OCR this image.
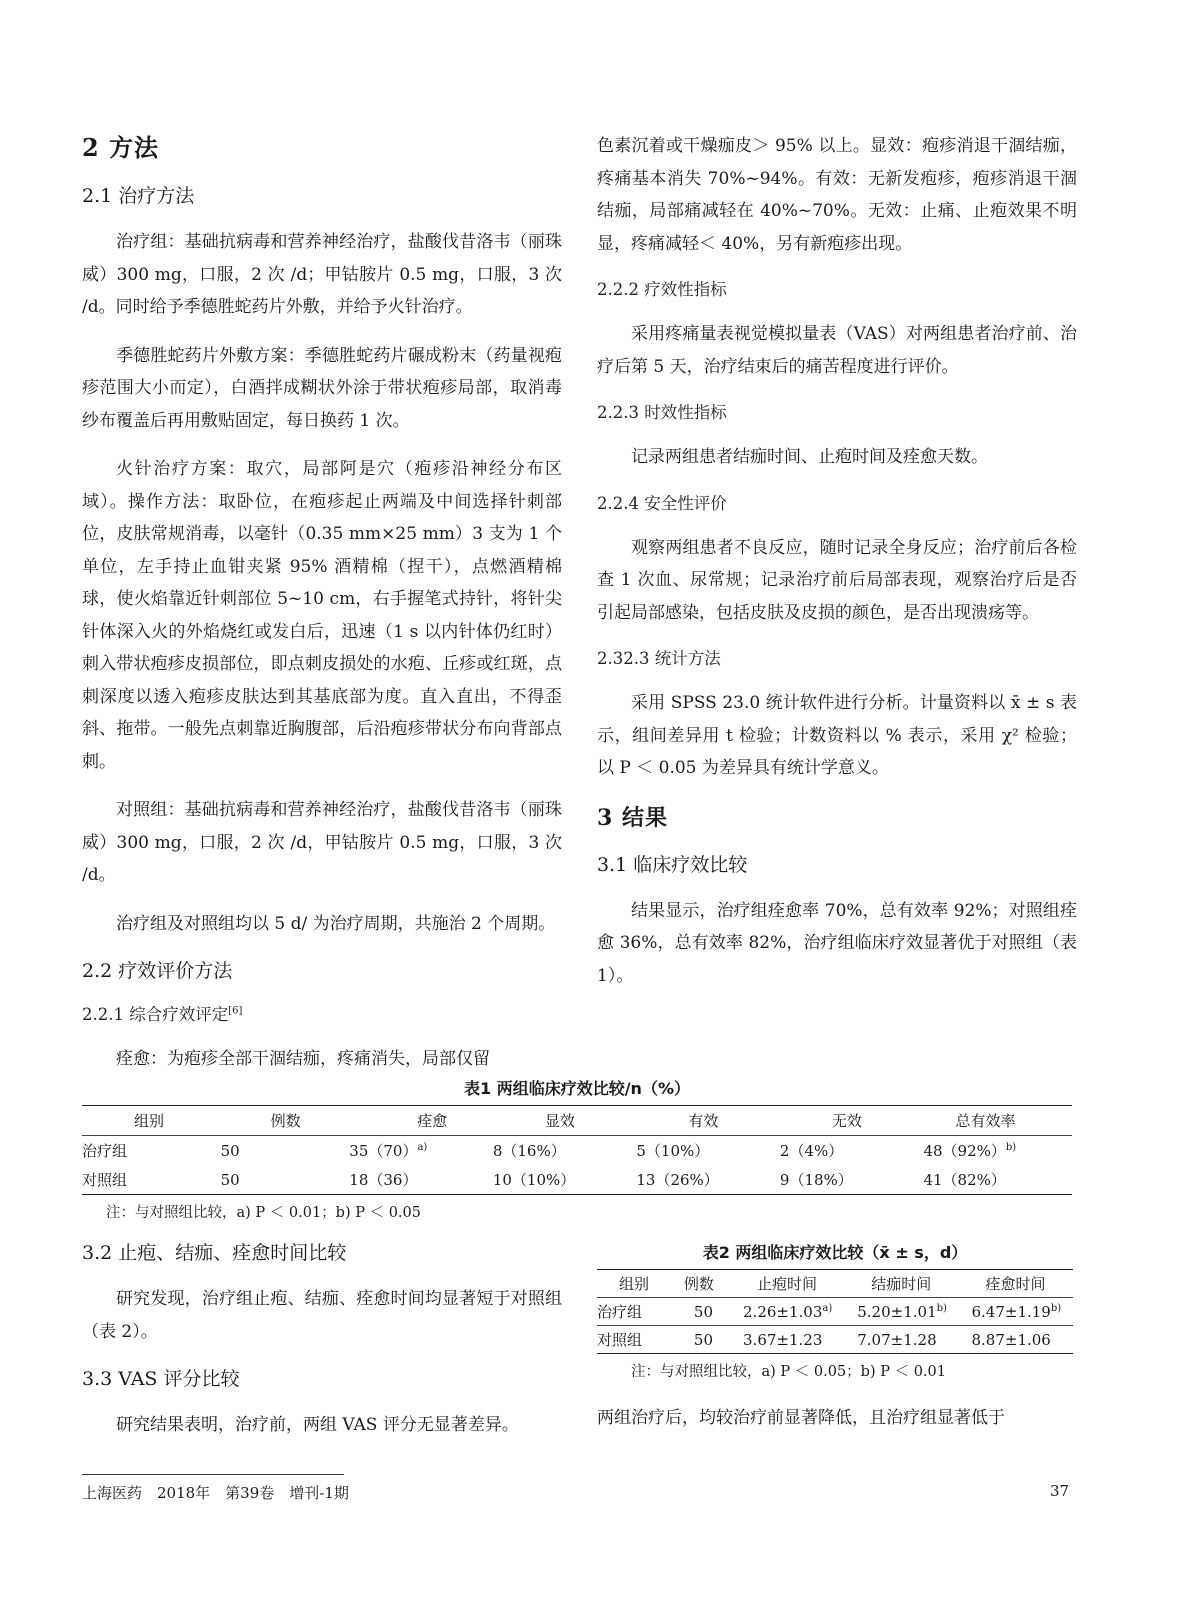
2 方法
2.1 治疗方法
治疗组：基础抗病毒和营养神经治疗，盐酸伐昔洛韦（丽珠威）300 mg，口服，2 次 /d；甲钴胺片 0.5 mg，口服，3 次 /d。同时给予季德胜蛇药片外敷，并给予火针治疗。
季德胜蛇药片外敷方案：季德胜蛇药片碾成粉末（药量视疱疹范围大小而定），白酒拌成糊状外涂于带状疱疹局部，取消毒纱布覆盖后再用敷贴固定，每日换药 1 次。
火针治疗方案：取穴，局部阿是穴（疱疹沿神经分布区域）。操作方法：取卧位，在疱疹起止两端及中间选择针刺部位，皮肤常规消毒，以毫针（0.35 mm×25 mm）3 支为 1 个单位，左手持止血钳夹紧 95% 酒精棉（捏干），点燃酒精棉球，使火焰靠近针刺部位 5~10 cm，右手握笔式持针，将针尖针体深入火的外焰烧红或发白后，迅速（1 s 以内针体仍红时）刺入带状疱疹皮损部位，即点刺皮损处的水疱、丘疹或红斑，点刺深度以透入疱疹皮肤达到其基底部为度。直入直出，不得歪斜、拖带。一般先点刺靠近胸腹部，后沿疱疹带状分布向背部点刺。
对照组：基础抗病毒和营养神经治疗，盐酸伐昔洛韦（丽珠威）300 mg，口服，2 次 /d，甲钴胺片 0.5 mg，口服，3 次 /d。
治疗组及对照组均以 5 d/ 为治疗周期，共施治 2 个周期。
2.2 疗效评价方法
2.2.1 综合疗效评定[6]
痊愈：为疱疹全部干涸结痂，疼痛消失，局部仅留
色素沉着或干燥痂皮＞ 95% 以上。显效：疱疹消退干涸结痂，疼痛基本消失 70%~94%。有效：无新发疱疹，疱疹消退干涸结痂，局部痛减轻在 40%~70%。无效：止痛、止疱效果不明显，疼痛减轻＜ 40%，另有新疱疹出现。
2.2.2 疗效性指标
采用疼痛量表视觉模拟量表（VAS）对两组患者治疗前、治疗后第 5 天，治疗结束后的痛苦程度进行评价。
2.2.3 时效性指标
记录两组患者结痂时间、止疱时间及痊愈天数。
2.2.4 安全性评价
观察两组患者不良反应，随时记录全身反应；治疗前后各检查 1 次血、尿常规；记录治疗前后局部表现，观察治疗后是否引起局部感染，包括皮肤及皮损的颜色，是否出现溃疡等。
2.32.3 统计方法
采用 SPSS 23.0 统计软件进行分析。计量资料以 x̄ ± s 表示，组间差异用 t 检验；计数资料以 % 表示，采用 χ² 检验；以 P ＜ 0.05 为差异具有统计学意义。
3 结果
3.1 临床疗效比较
结果显示，治疗组痊愈率 70%，总有效率 92%；对照组痊愈 36%，总有效率 82%，治疗组临床疗效显著优于对照组（表 1）。
表1 两组临床疗效比较/n（%）
组别	例数	痊愈	显效	有效	无效	总有效率
治疗组	50	$35(70)^{a)}$	8（16%）	5（10%）	2（4%）	$48(92\%)^{b)}$
对照组	50	18（36）	10（10%）	13（26%）	9（18%）	41（82%）
注：与对照组比较，a) P ＜ 0.01；b) P ＜ 0.05
3.2 止疱、结痂、痊愈时间比较
研究发现，治疗组止疱、结痂、痊愈时间均显著短于对照组（表 2）。
3.3 VAS 评分比较
研究结果表明，治疗前，两组 VAS 评分无显著差异。
表2 两组临床疗效比较（x̄ ± s，d）
组别	例数	止疱时间	结痂时间	痊愈时间
治疗组	50	$2.26\pm 1.03^{a)}$	$5.20\pm 1.01^{b)}$	$6.47\pm 1.19^{b)}$
对照组	50	3.67±1.23	7.07±1.28	8.87±1.06
注：与对照组比较，a) P ＜ 0.05；b) P ＜ 0.01
两组治疗后，均较治疗前显著降低，且治疗组显著低于
上海医药　2018年　第39卷　增刊-1期	37
